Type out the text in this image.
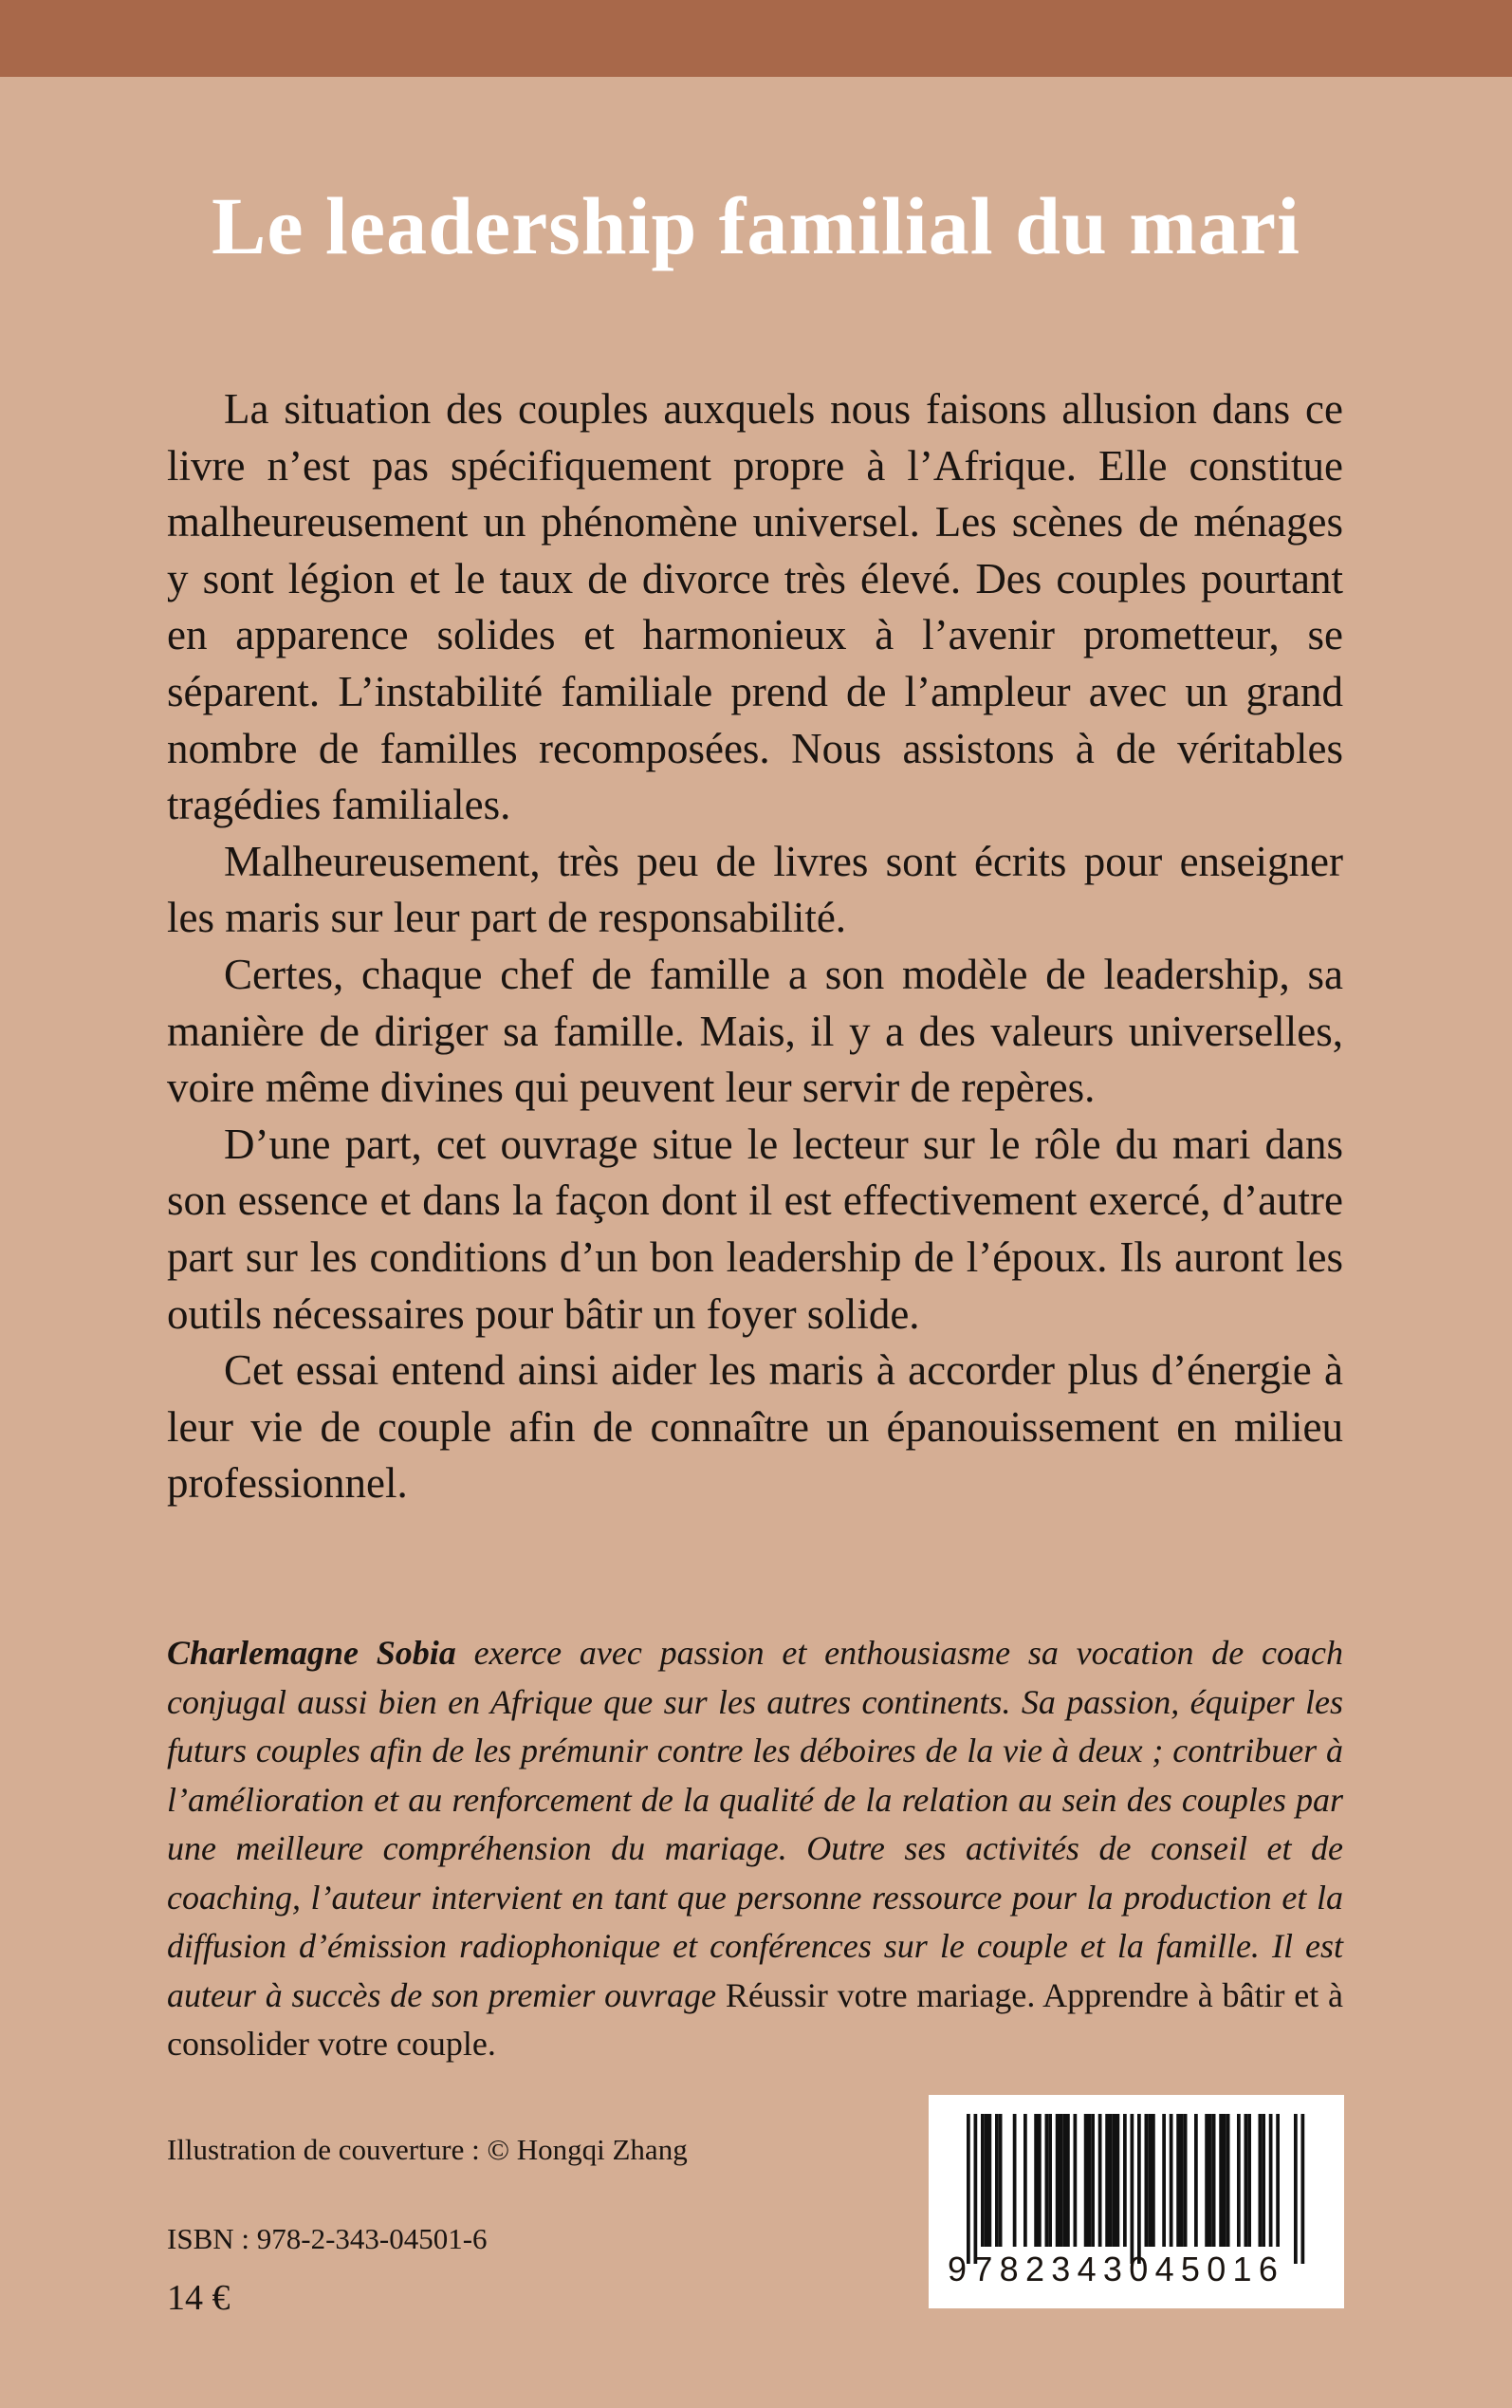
Le leadership familial du mari

La situation des couples auxquels nous faisons allusion dans ce livre n’est pas spécifiquement propre à l’Afrique. Elle constitue malheureusement un phénomène universel. Les scènes de ménages y sont légion et le taux de divorce très élevé. Des couples pourtant en apparence solides et harmonieux à l’avenir prometteur, se séparent. L’instabilité familiale prend de l’ampleur avec un grand nombre de familles recomposées. Nous assistons à de véritables tragédies familiales.

Malheureusement, très peu de livres sont écrits pour enseigner les maris sur leur part de responsabilité.

Certes, chaque chef de famille a son modèle de leadership, sa manière de diriger sa famille. Mais, il y a des valeurs universelles, voire même divines qui peuvent leur servir de repères.

D’une part, cet ouvrage situe le lecteur sur le rôle du mari dans son essence et dans la façon dont il est effectivement exercé, d’autre part sur les conditions d’un bon leadership de l’époux. Ils auront les outils nécessaires pour bâtir un foyer solide.

Cet essai entend ainsi aider les maris à accorder plus d’énergie à leur vie de couple afin de connaître un épanouissement en milieu professionnel.

Charlemagne Sobia exerce avec passion et enthousiasme sa vocation de coach conjugal aussi bien en Afrique que sur les autres continents. Sa passion, équiper les futurs couples afin de les prémunir contre les déboires de la vie à deux ; contribuer à l’amélioration et au renforcement de la qualité de la relation au sein des couples par une meilleure compréhension du mariage. Outre ses activités de conseil et de coaching, l’auteur intervient en tant que personne ressource pour la production et la diffusion d’émission radiophonique et conférences sur le couple et la famille. Il est auteur à succès de son premier ouvrage Réussir votre mariage. Apprendre à bâtir et à consolider votre couple.

Illustration de couverture : © Hongqi Zhang
ISBN : 978-2-343-04501-6
14 €
9782343045016
